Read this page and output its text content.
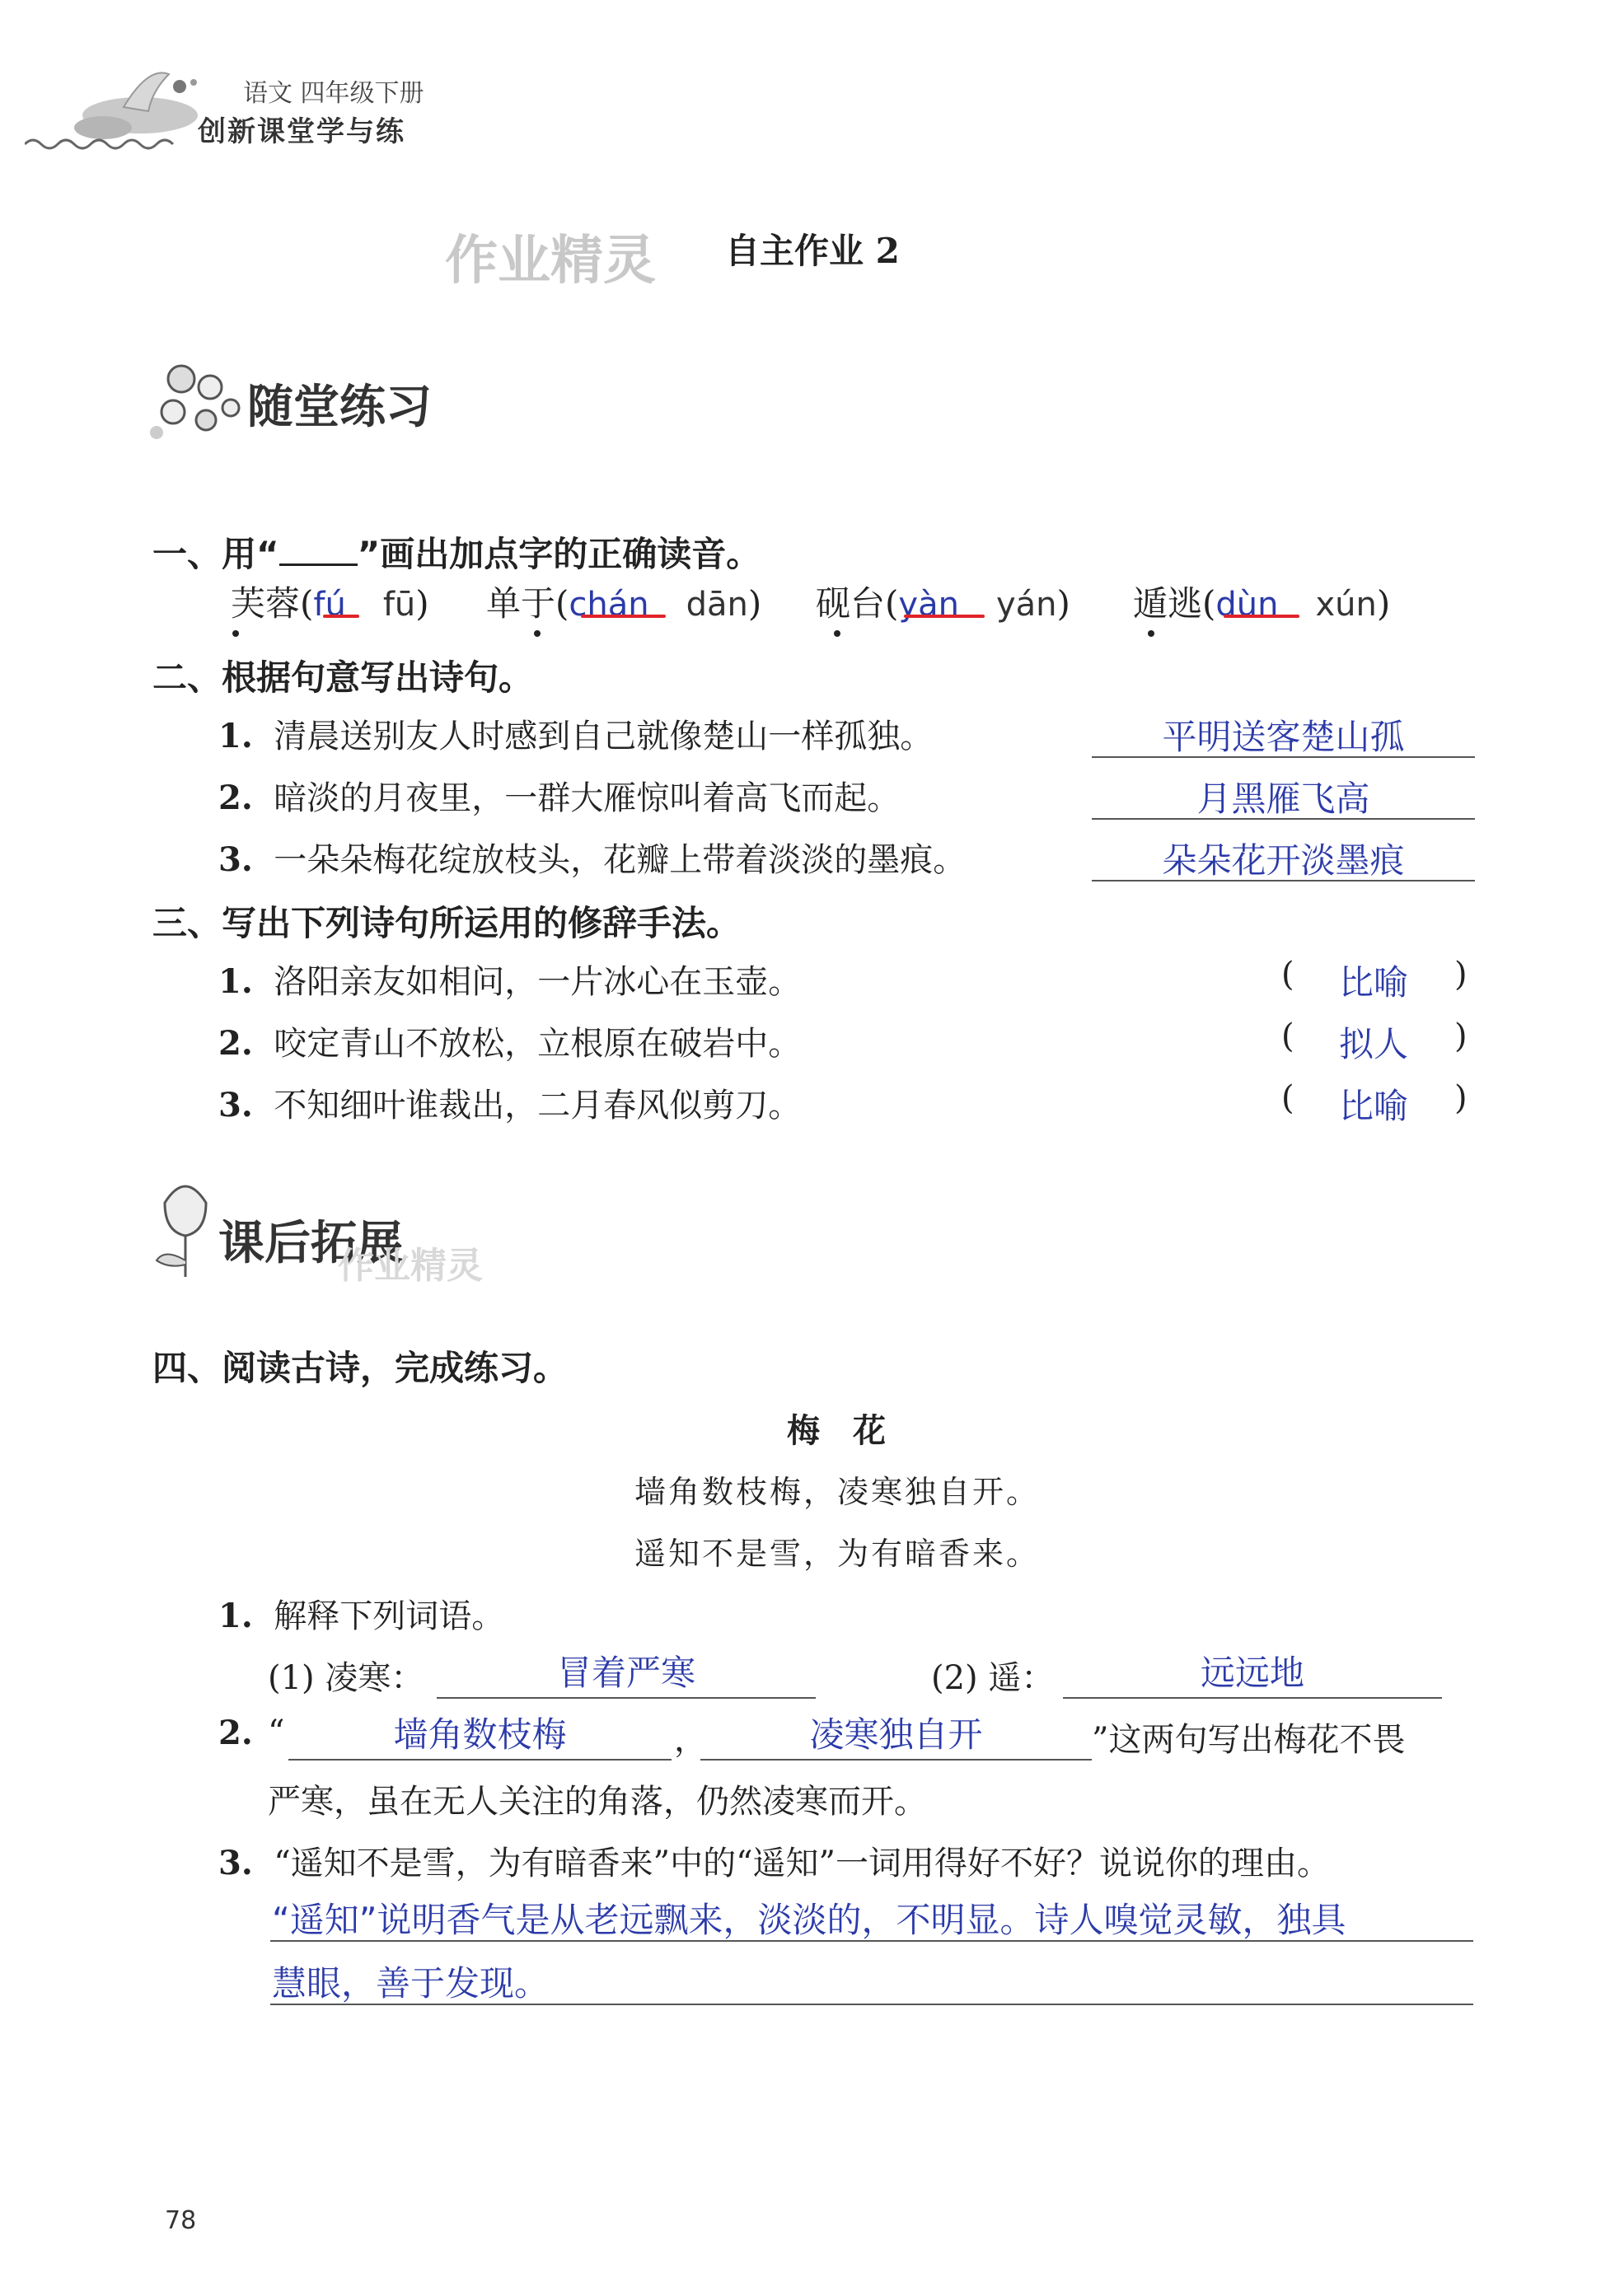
语文 四年级下册
创新课堂学与练
作业精灵 自主作业 2
随堂练习
一、用“ ”画出加点字的正确读音。
芙蓉(fú fū) 单于(chán dān) 砚台(yàn yán) 遁逃(dùn xún)
二、根据句意写出诗句。
1. 清晨送别友人时感到自己就像楚山一样孤独。	平明送客楚山孤
2. 暗淡的月夜里，一群大雁惊叫着高飞而起。	月黑雁飞高
3. 一朵朵梅花绽放枝头，花瓣上带着淡淡的墨痕。	朵朵花开淡墨痕
三、写出下列诗句所运用的修辞手法。
1. 洛阳亲友如相问，一片冰心在玉壶。	( 比喻 )
2. 咬定青山不放松，立根原在破岩中。	( 拟人 )
3. 不知细叶谁裁出，二月春风似剪刀。	( 比喻 )
课后拓展
作业精灵
四、阅读古诗，完成练习。
梅　花
墙角数枝梅，凌寒独自开。
遥知不是雪，为有暗香来。
1. 解释下列词语。
(1) 凌寒：	冒着严寒	(2) 遥：	远远地
2. “	墙角数枝梅	，	凌寒独自开	”这两句写出梅花不畏
严寒，虽在无人关注的角落，仍然凌寒而开。
3. “遥知不是雪，为有暗香来”中的“遥知”一词用得好不好？说说你的理由。
“遥知”说明香气是从老远飘来，淡淡的，不明显。诗人嗅觉灵敏，独具
慧眼，善于发现。
78
